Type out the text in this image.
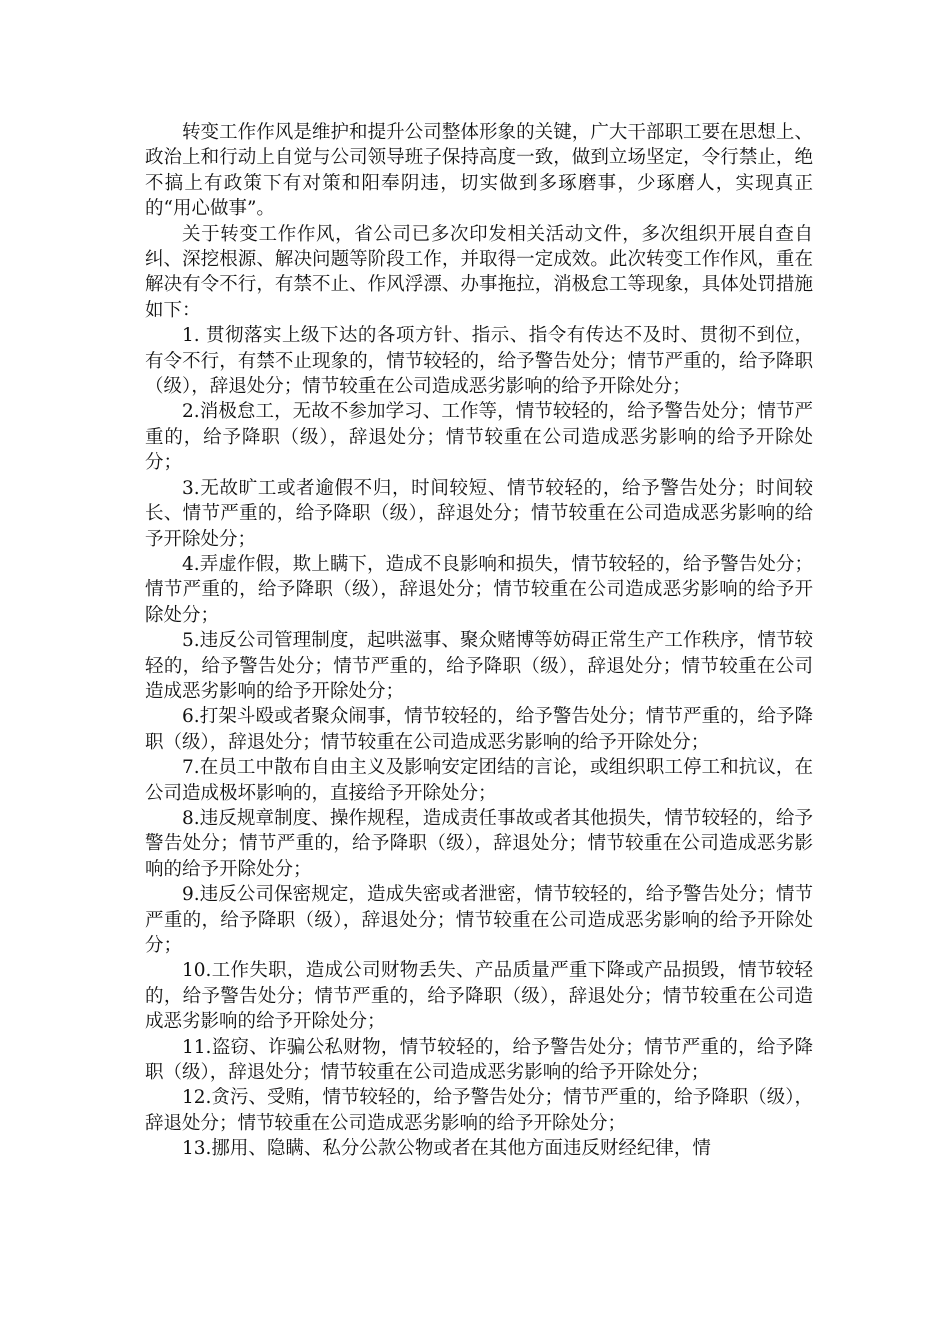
转变工作作风是维护和提升公司整体形象的关键，广大干部职工要在思想上、政治上和行动上自觉与公司领导班子保持高度一致，做到立场坚定，令行禁止，绝不搞上有政策下有对策和阳奉阴违，切实做到多琢磨事，少琢磨人，实现真正的“用心做事”。

关于转变工作作风，省公司已多次印发相关活动文件，多次组织开展自查自纠、深挖根源、解决问题等阶段工作，并取得一定成效。此次转变工作作风，重在解决有令不行，有禁不止、作风浮漂、办事拖拉，消极怠工等现象，具体处罚措施如下：

1. 贯彻落实上级下达的各项方针、指示、指令有传达不及时、贯彻不到位，有令不行，有禁不止现象的，情节较轻的，给予警告处分；情节严重的，给予降职（级），辞退处分；情节较重在公司造成恶劣影响的给予开除处分；

2.消极怠工，无故不参加学习、工作等，情节较轻的，给予警告处分；情节严重的，给予降职（级），辞退处分；情节较重在公司造成恶劣影响的给予开除处分；

3.无故旷工或者逾假不归，时间较短、情节较轻的，给予警告处分；时间较长、情节严重的，给予降职（级），辞退处分；情节较重在公司造成恶劣影响的给予开除处分；

4.弄虚作假，欺上瞒下，造成不良影响和损失，情节较轻的，给予警告处分；情节严重的，给予降职（级），辞退处分；情节较重在公司造成恶劣影响的给予开除处分；

5.违反公司管理制度，起哄滋事、聚众赌博等妨碍正常生产工作秩序，情节较轻的，给予警告处分；情节严重的，给予降职（级），辞退处分；情节较重在公司造成恶劣影响的给予开除处分；

6.打架斗殴或者聚众闹事，情节较轻的，给予警告处分；情节严重的，给予降职（级），辞退处分；情节较重在公司造成恶劣影响的给予开除处分；

7.在员工中散布自由主义及影响安定团结的言论，或组织职工停工和抗议，在公司造成极坏影响的，直接给予开除处分；

8.违反规章制度、操作规程，造成责任事故或者其他损失，情节较轻的，给予警告处分；情节严重的，给予降职（级），辞退处分；情节较重在公司造成恶劣影响的给予开除处分；

9.违反公司保密规定，造成失密或者泄密，情节较轻的，给予警告处分；情节严重的，给予降职（级），辞退处分；情节较重在公司造成恶劣影响的给予开除处分；

10.工作失职，造成公司财物丢失、产品质量严重下降或产品损毁，情节较轻的，给予警告处分；情节严重的，给予降职（级），辞退处分；情节较重在公司造成恶劣影响的给予开除处分；

11.盗窃、诈骗公私财物，情节较轻的，给予警告处分；情节严重的，给予降职（级），辞退处分；情节较重在公司造成恶劣影响的给予开除处分；

12.贪污、受贿，情节较轻的，给予警告处分；情节严重的，给予降职（级），辞退处分；情节较重在公司造成恶劣影响的给予开除处分；

13.挪用、隐瞒、私分公款公物或者在其他方面违反财经纪律，情
